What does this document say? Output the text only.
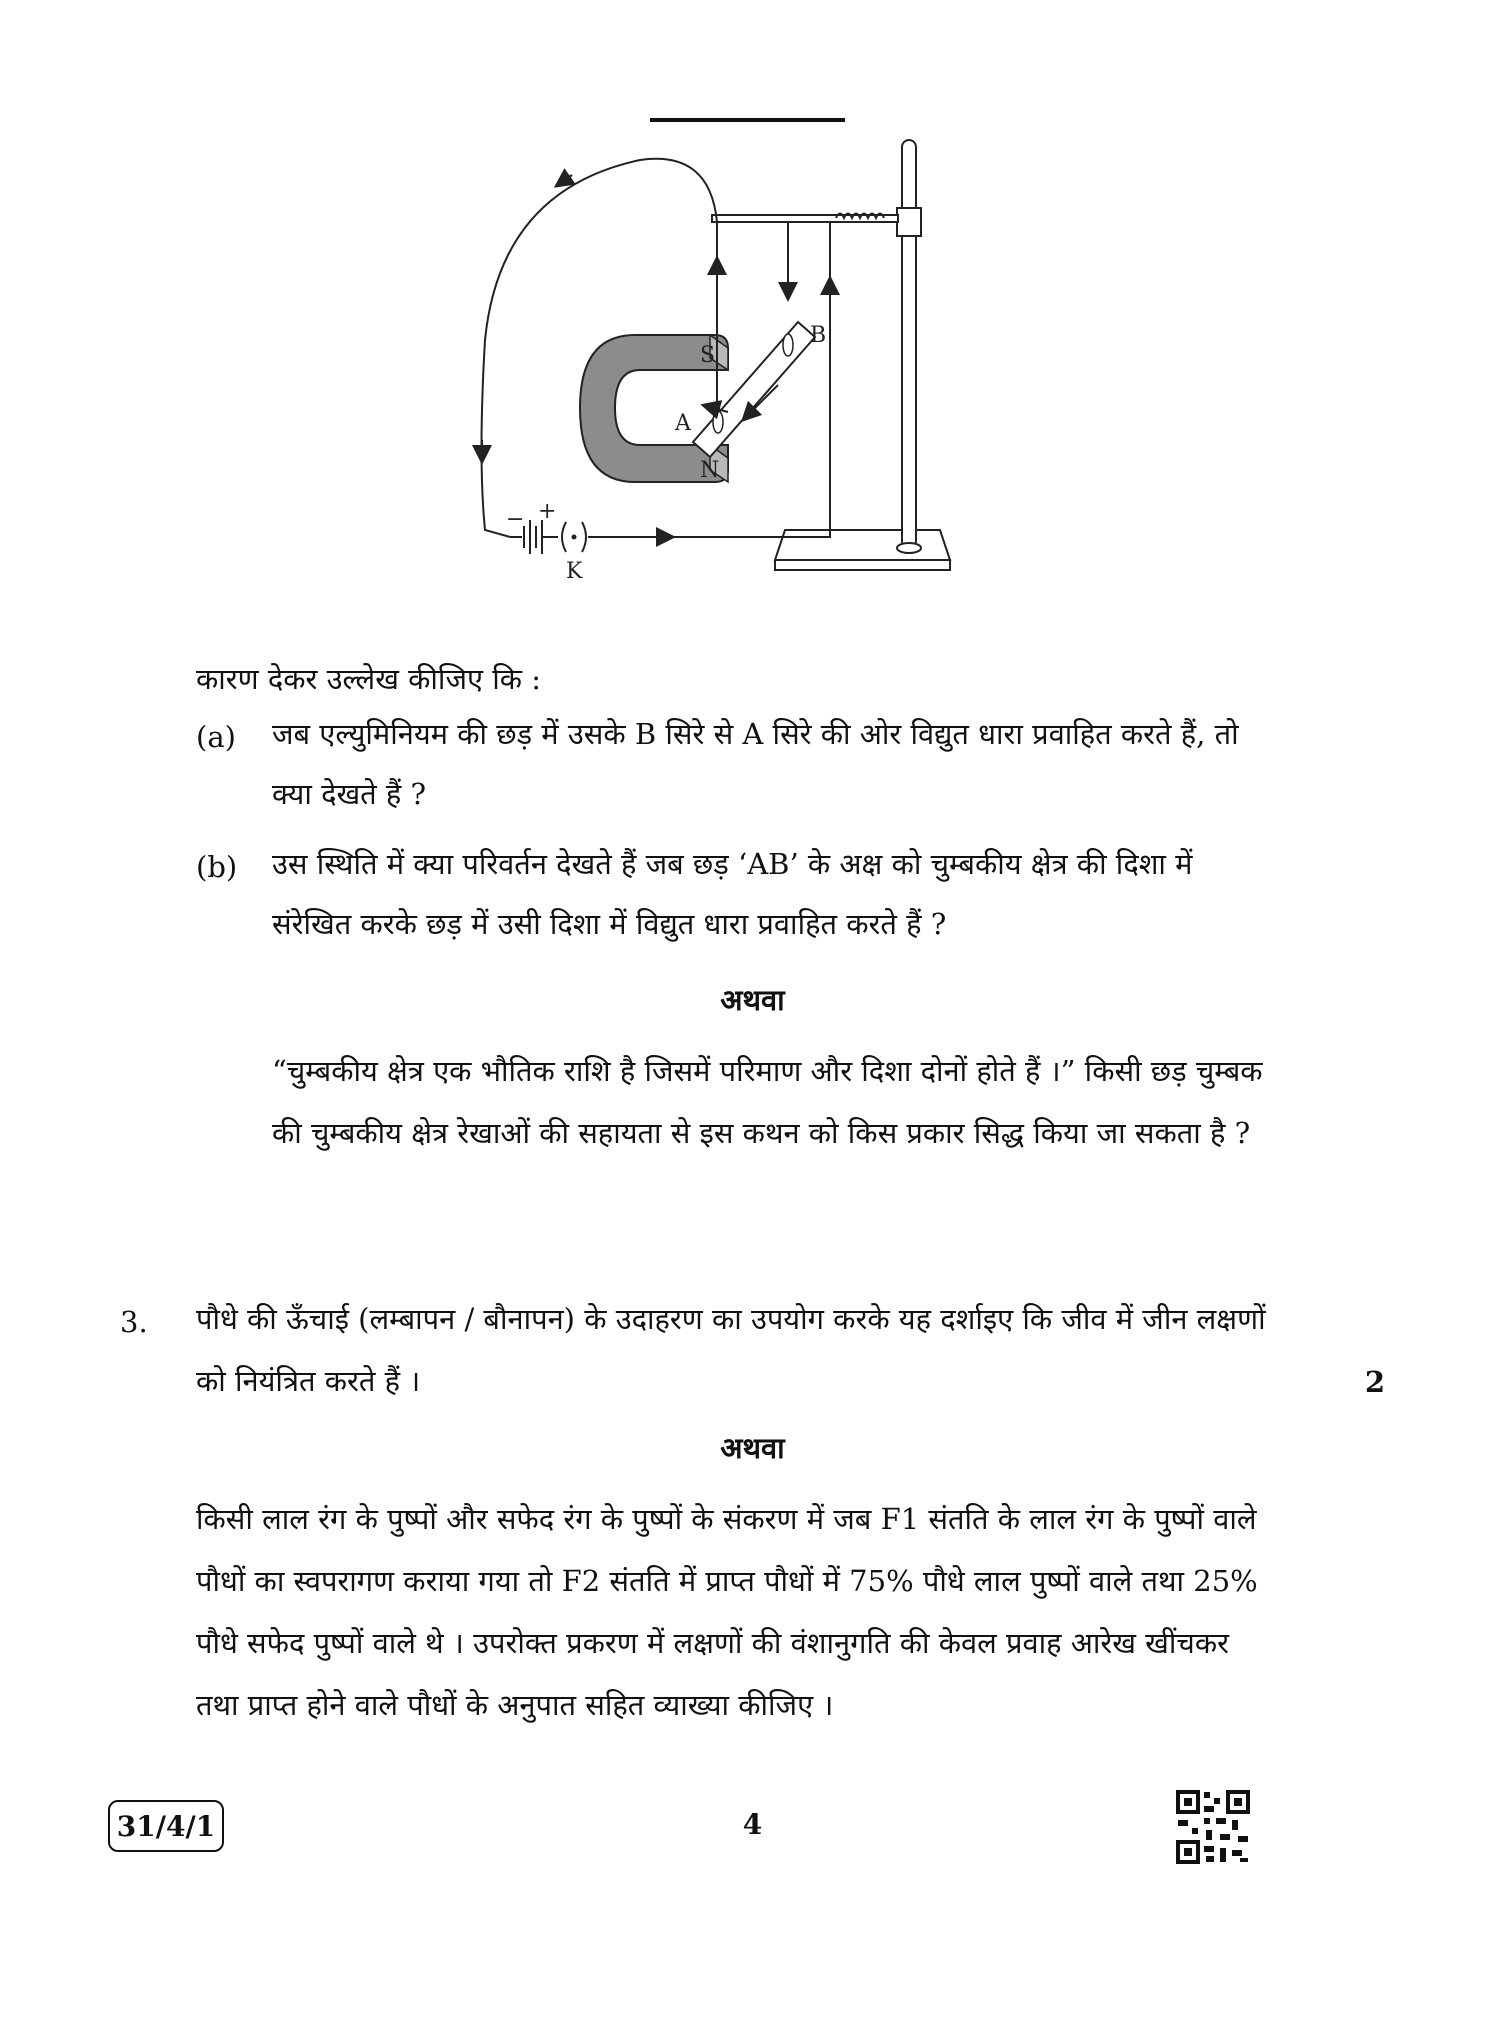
S
N
A
B
− +
K
कारण देकर उल्लेख कीजिए कि :
(a) जब एल्युमिनियम की छड़ में उसके B सिरे से A सिरे की ओर विद्युत धारा प्रवाहित करते हैं, तो
क्या देखते हैं ?
(b) उस स्थिति में क्या परिवर्तन देखते हैं जब छड़ ‘AB’ के अक्ष को चुम्बकीय क्षेत्र की दिशा में
संरेखित करके छड़ में उसी दिशा में विद्युत धारा प्रवाहित करते हैं ?
अथवा
“चुम्बकीय क्षेत्र एक भौतिक राशि है जिसमें परिमाण और दिशा दोनों होते हैं ।” किसी छड़ चुम्बक
की चुम्बकीय क्षेत्र रेखाओं की सहायता से इस कथन को किस प्रकार सिद्ध किया जा सकता है ?
3. पौधे की ऊँचाई (लम्बापन / बौनापन) के उदाहरण का उपयोग करके यह दर्शाइए कि जीव में जीन लक्षणों
को नियंत्रित करते हैं ।	2
अथवा
किसी लाल रंग के पुष्पों और सफेद रंग के पुष्पों के संकरण में जब F1 संतति के लाल रंग के पुष्पों वाले
पौधों का स्वपरागण कराया गया तो F2 संतति में प्राप्त पौधों में 75% पौधे लाल पुष्पों वाले तथा 25%
पौधे सफेद पुष्पों वाले थे । उपरोक्त प्रकरण में लक्षणों की वंशानुगति की केवल प्रवाह आरेख खींचकर
तथा प्राप्त होने वाले पौधों के अनुपात सहित व्याख्या कीजिए ।
31/4/1	4
